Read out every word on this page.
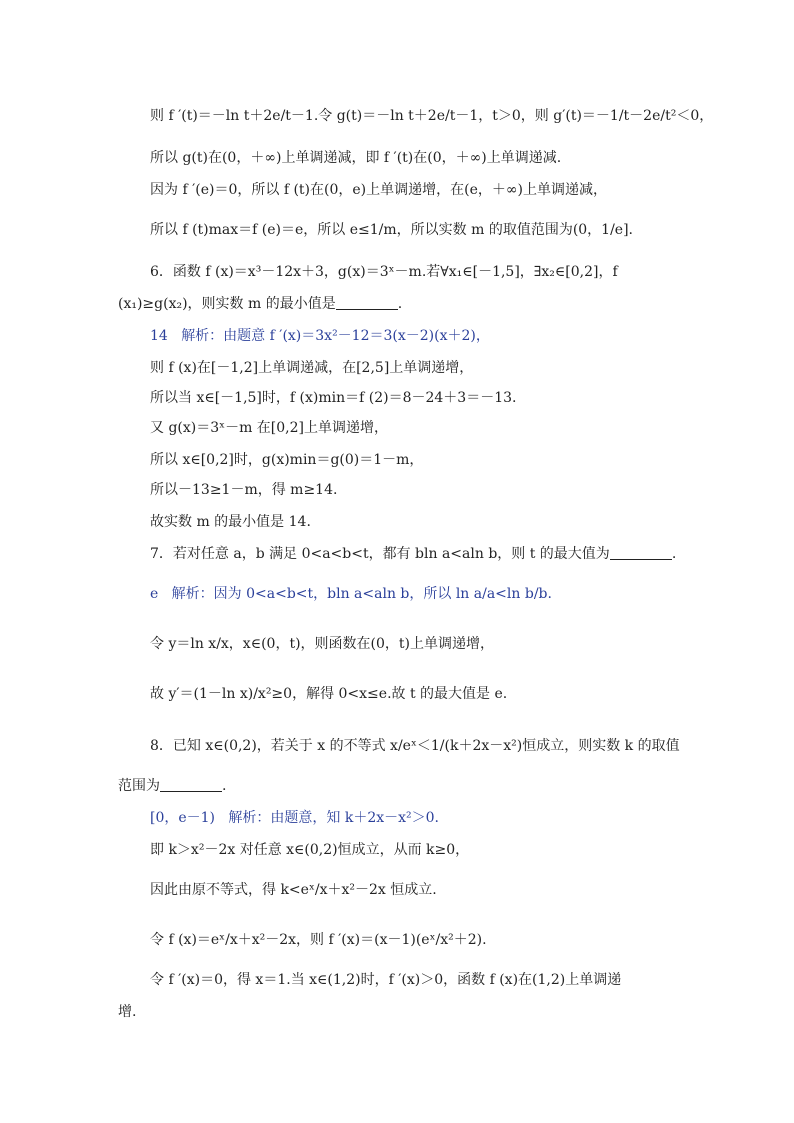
则 f ′(t)＝－ln t＋2e/t－1.令 g(t)＝－ln t＋2e/t－1，t＞0，则 g′(t)＝－1/t－2e/t²＜0，
所以 g(t)在(0，＋∞)上单调递减，即 f ′(t)在(0，＋∞)上单调递减.
因为 f ′(e)＝0，所以 f (t)在(0，e)上单调递增，在(e，＋∞)上单调递减，
所以 f (t)max＝f (e)＝e，所以 e≤1/m，所以实数 m 的取值范围为(0，1/e].
6．函数 f (x)＝x³－12x＋3，g(x)＝3ˣ－m.若∀x₁∈[－1,5]，∃x₂∈[0,2]，f
(x₁)≥g(x₂)，则实数 m 的最小值是	.
14 解析：由题意 f ′(x)＝3x²－12＝3(x－2)(x＋2)，
则 f (x)在[－1,2]上单调递减，在[2,5]上单调递增，
所以当 x∈[－1,5]时，f (x)min＝f (2)＝8－24＋3＝－13.
又 g(x)＝3ˣ－m 在[0,2]上单调递增，
所以 x∈[0,2]时，g(x)min＝g(0)＝1－m，
所以－13≥1－m，得 m≥14.
故实数 m 的最小值是 14.
7．若对任意 a，b 满足 0<a<b<t，都有 bln a<aln b，则 t 的最大值为	.
e 解析：因为 0<a<b<t，bln a<aln b，所以 ln a/a<ln b/b.
令 y＝ln x/x，x∈(0，t)，则函数在(0，t)上单调递增，
故 y′＝(1－ln x)/x²≥0，解得 0<x≤e.故 t 的最大值是 e.
8．已知 x∈(0,2)，若关于 x 的不等式 x/eˣ＜1/(k＋2x－x²)恒成立，则实数 k 的取值
范围为	.
[0，e－1) 解析：由题意，知 k＋2x－x²＞0.
即 k＞x²－2x 对任意 x∈(0,2)恒成立，从而 k≥0，
因此由原不等式，得 k<eˣ/x＋x²－2x 恒成立.
令 f (x)＝eˣ/x＋x²－2x，则 f ′(x)＝(x－1)(eˣ/x²＋2).
令 f ′(x)＝0，得 x＝1.当 x∈(1,2)时，f ′(x)＞0，函数 f (x)在(1,2)上单调递
增.
